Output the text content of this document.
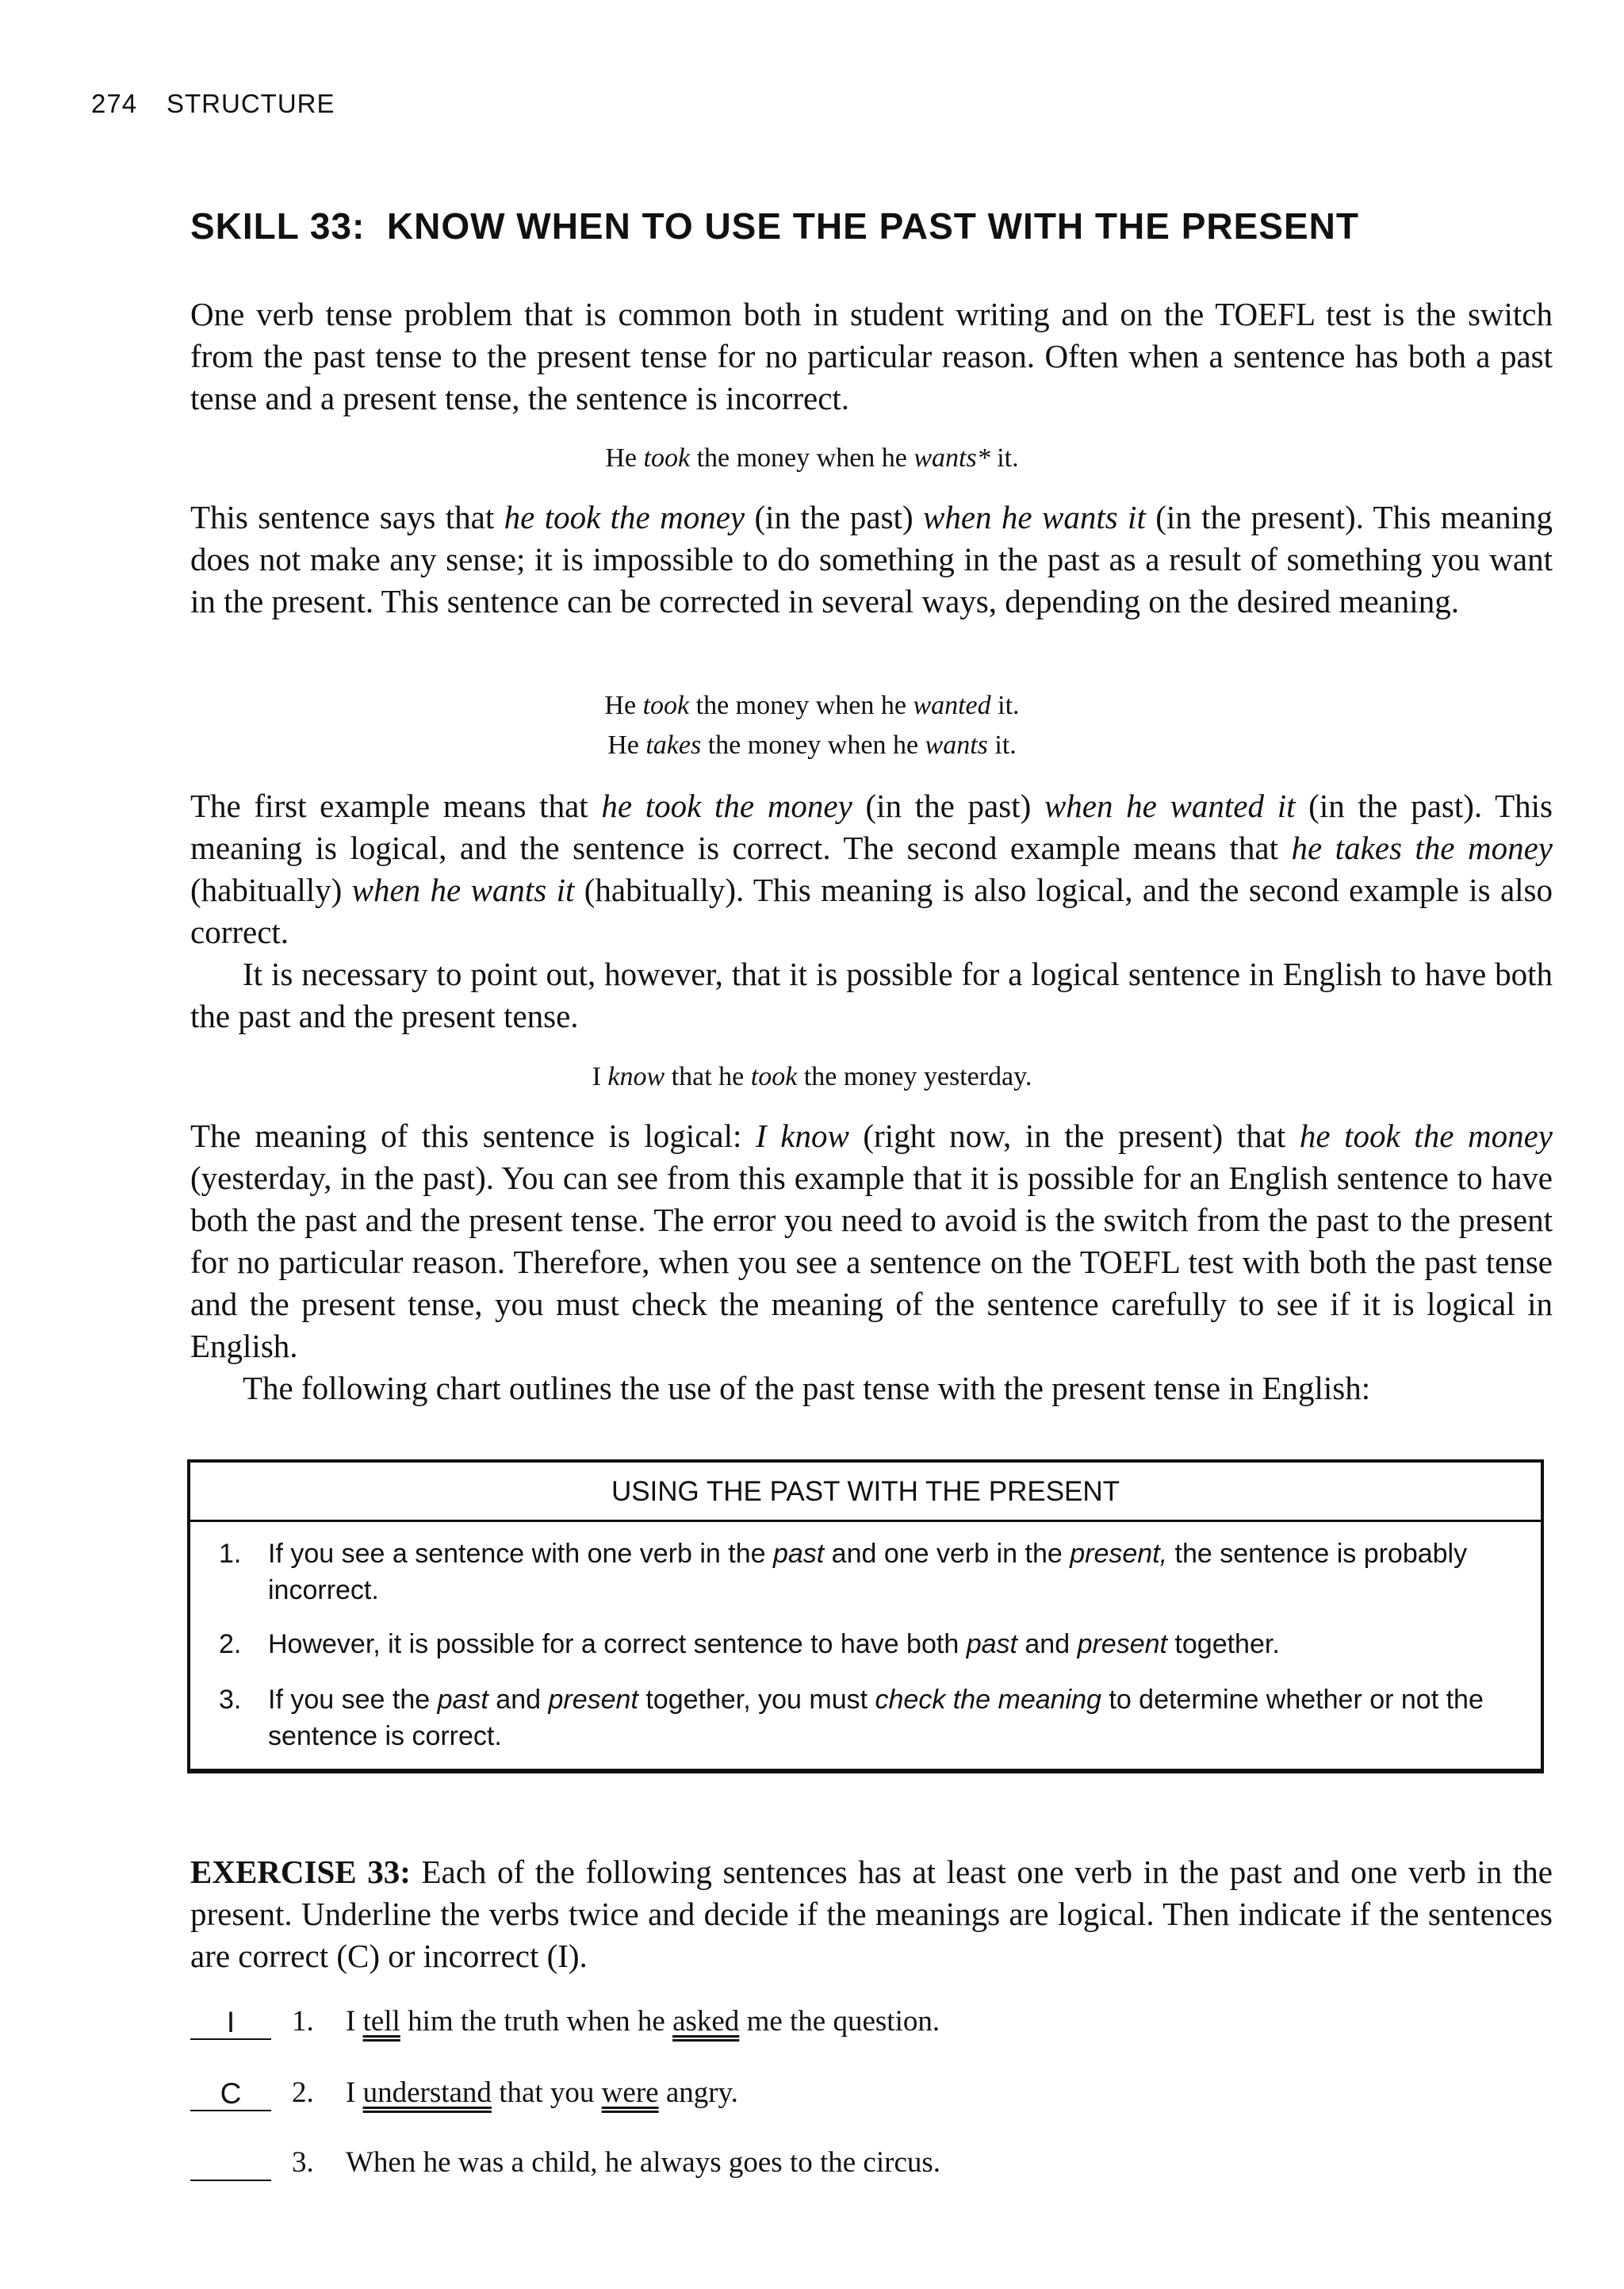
274 STRUCTURE
SKILL 33: KNOW WHEN TO USE THE PAST WITH THE PRESENT

One verb tense problem that is common both in student writing and on the TOEFL test is the switch from the past tense to the present tense for no particular reason. Often when a sentence has both a past tense and a present tense, the sentence is incorrect.

He took the money when he wants* it.

This sentence says that he took the money (in the past) when he wants it (in the present). This meaning does not make any sense; it is impossible to do something in the past as a result of something you want in the present. This sentence can be corrected in several ways, depending on the desired meaning.

He took the money when he wanted it.
He takes the money when he wants it.

The first example means that he took the money (in the past) when he wanted it (in the past). This meaning is logical, and the sentence is correct. The second example means that he takes the money (habitually) when he wants it (habitually). This meaning is also logical, and the second example is also correct.

It is necessary to point out, however, that it is possible for a logical sentence in English to have both the past and the present tense.

I know that he took the money yesterday.

The meaning of this sentence is logical: I know (right now, in the present) that he took the money (yesterday, in the past). You can see from this example that it is possible for an English sentence to have both the past and the present tense. The error you need to avoid is the switch from the past to the present for no particular reason. Therefore, when you see a sentence on the TOEFL test with both the past tense and the present tense, you must check the meaning of the sentence carefully to see if it is logical in English.

The following chart outlines the use of the past tense with the present tense in English:

USING THE PAST WITH THE PRESENT
1. If you see a sentence with one verb in the past and one verb in the present, the sentence is probably incorrect.
2. However, it is possible for a correct sentence to have both past and present together.
3. If you see the past and present together, you must check the meaning to determine whether or not the sentence is correct.

EXERCISE 33: Each of the following sentences has at least one verb in the past and one verb in the present. Underline the verbs twice and decide if the meanings are logical. Then indicate if the sentences are correct (C) or incorrect (I).

I 1. I tell him the truth when he asked me the question.
C 2. I understand that you were angry.
3. When he was a child, he always goes to the circus.
